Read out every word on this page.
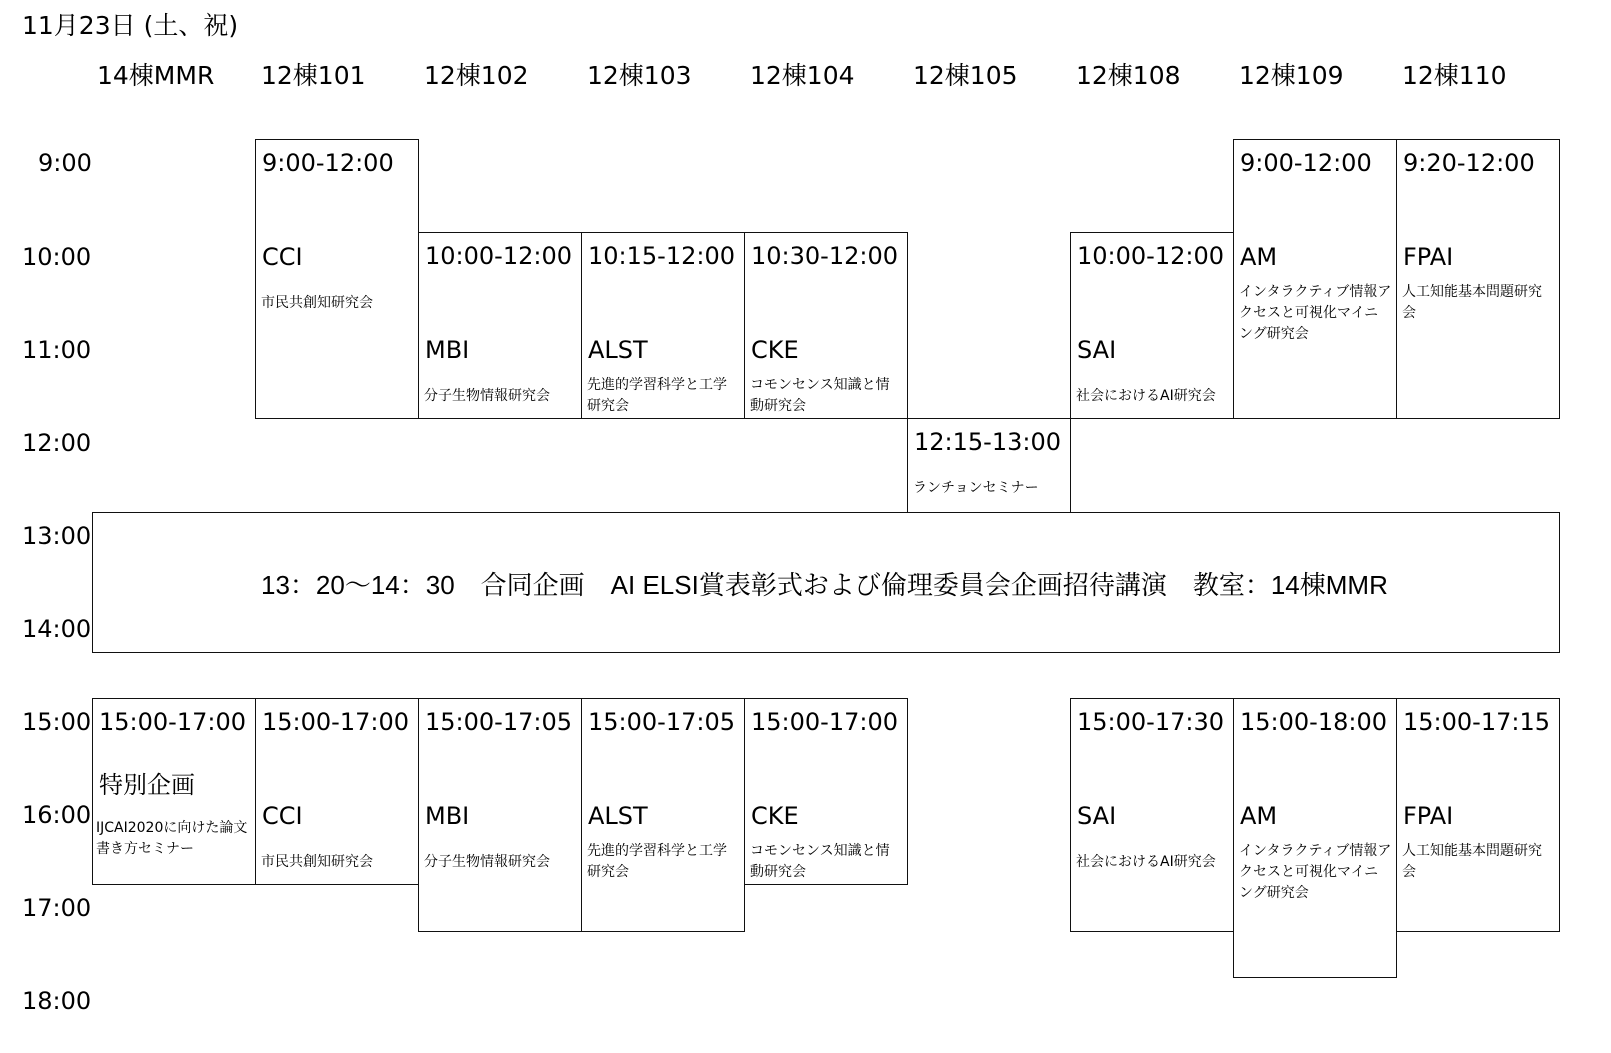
11月23日 (土、祝)
14棟MMR 12棟101 12棟102 12棟103 12棟104 12棟105 12棟108 12棟109 12棟110
9:00
10:00
11:00
12:00
13:00
14:00
15:00
16:00
17:00
18:00
9:00-12:00
CCI
市民共創知研究会
10:00-12:00
MBI
分子生物情報研究会
10:15-12:00
ALST
先進的学習科学と工学研究会
10:30-12:00
CKE
コモンセンス知識と情動研究会
10:00-12:00
SAI
社会におけるAI研究会
9:00-12:00
AM
インタラクティブ情報アクセスと可視化マイニング研究会
9:20-12:00
FPAI
人工知能基本問題研究会
12:15-13:00
ランチョンセミナー
13：20〜14：30　合同企画　AI ELSI賞表彰式および倫理委員会企画招待講演　教室：14棟MMR
15:00-17:00
特別企画
IJCAI2020に向けた論文書き方セミナー
15:00-17:00
CCI
市民共創知研究会
15:00-17:05
MBI
分子生物情報研究会
15:00-17:05
ALST
先進的学習科学と工学研究会
15:00-17:00
CKE
コモンセンス知識と情動研究会
15:00-17:30
SAI
社会におけるAI研究会
15:00-18:00
AM
インタラクティブ情報アクセスと可視化マイニング研究会
15:00-17:15
FPAI
人工知能基本問題研究会
